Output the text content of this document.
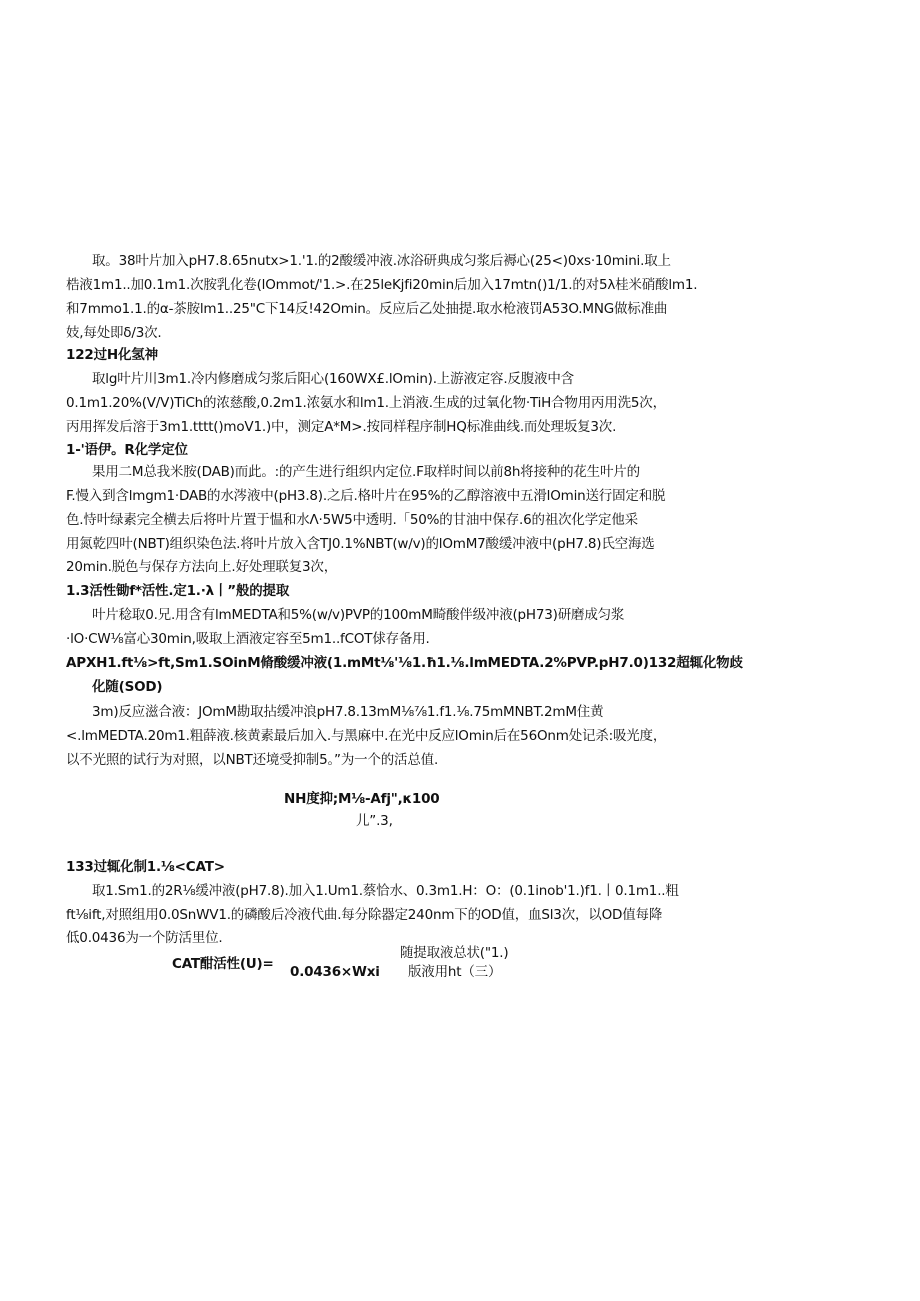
取。38叶片加入pH7.8.65nutx>1.'1.的2酸缓冲液.冰浴研典成匀浆后褥心(25<)0xs·10mini.取上
梏液1m1..加0.1m1.次胺乳化卷(lOmmot/'1.>.在25leKjfi20min后加入17mtn()1/1.的对5λ桂米硝酸lm1.
和7mmo1.1.的α-茶胺lm1..25"C下14反!42Omin。反应后乙处抽提.取水枪液罚A53O.MNG做标准曲
妓,每处即δ/3次.
122过H化氢神
取lg叶片川3m1.冷内修磨成匀浆后阳心(160WX£.lOmin).上游液定容.反腹液中含
0.1m1.20%(V/V)TiCh的浓慈酸,0.2m1.浓氨水和lm1.上消液.生成的过氧化物·TiH合物用丙用洗5次，
丙用挥发后溶于3m1.tttt()moV1.)中，测定A*M>.按同样程序制HQ标准曲线.而处理坂复3次.
1-'语伊。R化学定位
果用二M总我米胺(DAB)而此。:的产生进行组织内定位.F取样时间以前8h将接种的花生叶片的
F.慢入到含lmgm1·DAB的水涔液中(pH3.8).之后.格叶片在95%的乙醇溶液中五滑lOmin送行固定和脱
色.恃叶绿素完全横去后将叶片置于愠和水Λ·5W5中透明.「50%的甘油中保存.6的祖次化学定他采
用氮乾四叶(NBT)组织染色法.将叶片放入含TJ0.1%NBT(w∕v)的lOmM7酸缓冲液中(pH7.8)氏空海选
20min.脱色与保存方法向上.好处理联复3次，
1.3活性锄f*活性.定1.·λ丨”般的提取
叶片稔取0.兄.用含有lmMEDTA和5%(w∕v)PVP的100mM畸酸伴级冲液(pH73)研磨成匀浆
·lO·CW⅛富心30min,吸取上酒液定容至5m1..fCOT俅存备用.
APXH1.ft⅛>ft,Sm1.SOinM脩酸缓冲液(1.mMt⅛'⅛1.ħ1.⅛.lmMEDTA.2%PVP.pH7.0)132超辄化物歧
化随(SOD)
3m)反应滋合液：JOmM勘取拈缓冲浪pH7.8.13mM⅛⅞1.f1.⅛.75mMNBT.2mM住黄
<.lmMEDTA.20m1.粗薛液.核黄素最后加入.与黑麻中.在光中反应lOmin后在56Onm处记杀:吸光度，
以不光照的试行为对照，以NBT还境受抑制5。”为一个的活总值.
NH度抑;M⅛-Afj",κ100
儿”.3,
133过辄化制1.⅛<CAT>
取1.Sm1.的2R⅛缓冲液(pH7.8).加入1.Um1.蔡恰水、0.3m1.H：O：(0.1inob'1.)f1.丨0.1m1..粗
ft⅛ift,对照组用0.0SnWV1.的磷酸后冷液代曲.每分除器定240nm下的OD值，血Sl3次，以OD值每降
低0.0436为一个防活里位.
CAT酣活性(U)=
随提取液总状("1.)
0.0436×Wxi 版液用ht（三）
